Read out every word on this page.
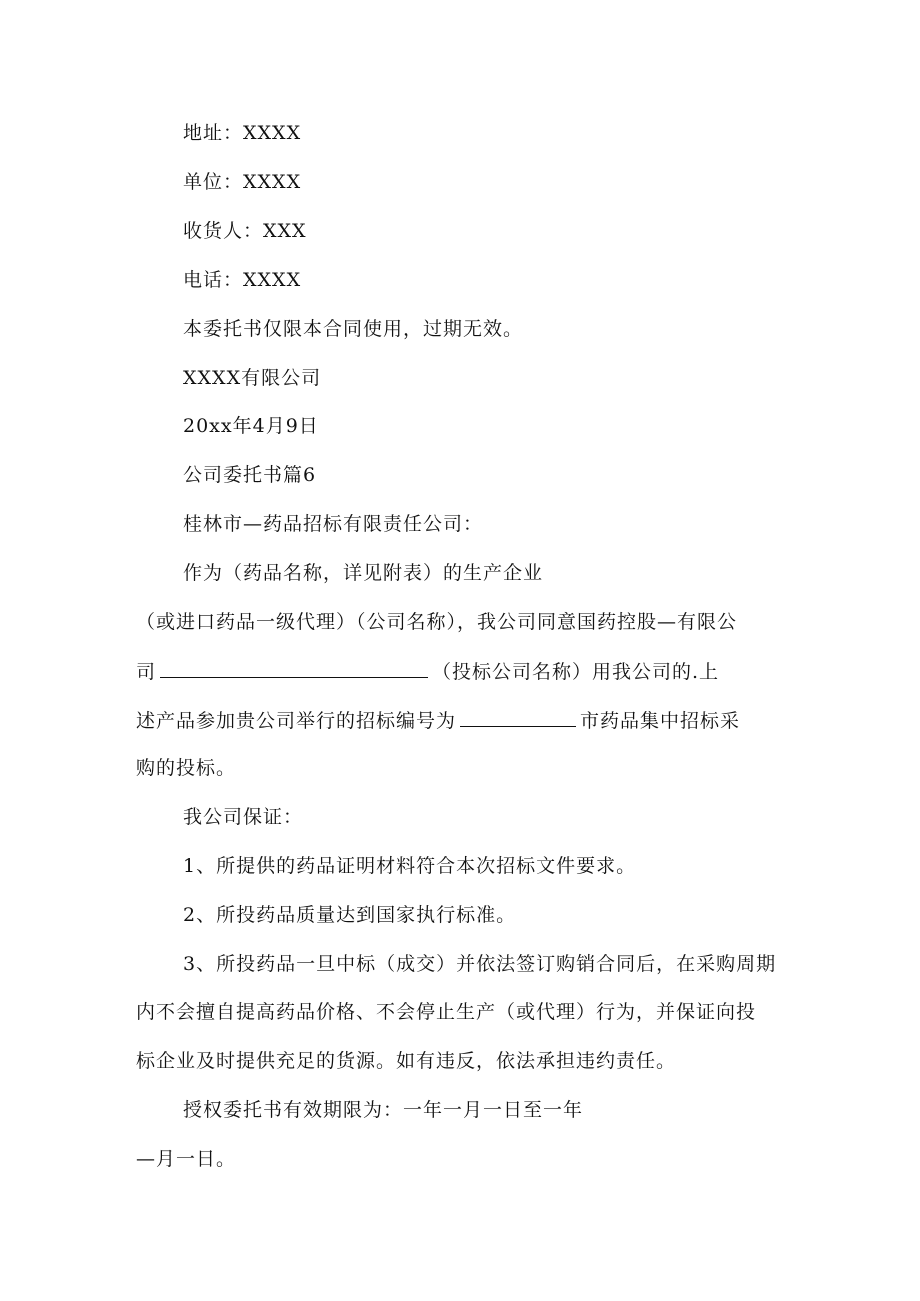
地址：XXXX
单位：XXXX
收货人：XXX
电话：XXXX
本委托书仅限本合同使用，过期无效。
XXXX有限公司
20xx年4月9日
公司委托书篇6
桂林市—药品招标有限责任公司：
作为（药品名称，详见附表）的生产企业
（或进口药品一级代理）（公司名称），我公司同意国药控股—有限公
司	（投标公司名称）用我公司的.上
述产品参加贵公司举行的招标编号为	市药品集中招标采
购的投标。
我公司保证：
1、所提供的药品证明材料符合本次招标文件要求。
2、所投药品质量达到国家执行标准。
3、所投药品一旦中标（成交）并依法签订购销合同后，在采购周期
内不会擅自提高药品价格、不会停止生产（或代理）行为，并保证向投
标企业及时提供充足的货源。如有违反，依法承担违约责任。
授权委托书有效期限为：一年一月一日至一年
—月一日。
